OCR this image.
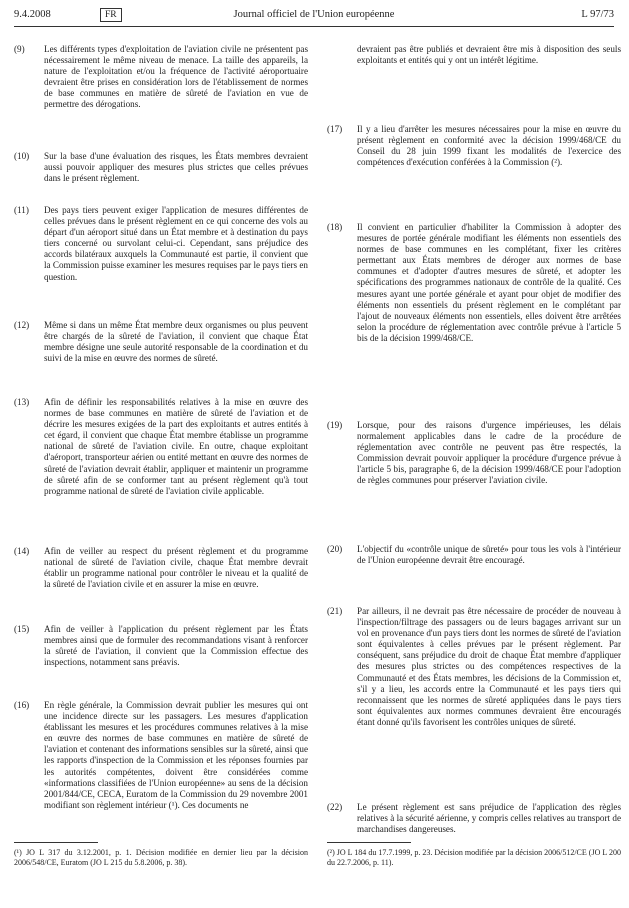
9.4.2008	FR	Journal officiel de l'Union européenne	L 97/73
(9)	Les différents types d'exploitation de l'aviation civile ne présentent pas nécessairement le même niveau de menace. La taille des appareils, la nature de l'exploitation et/ou la fréquence de l'activité aéroportuaire devraient être prises en considération lors de l'établissement de normes de base communes en matière de sûreté de l'aviation en vue de permettre des dérogations.
(10)	Sur la base d'une évaluation des risques, les États membres devraient aussi pouvoir appliquer des mesures plus strictes que celles prévues dans le présent règlement.
(11)	Des pays tiers peuvent exiger l'application de mesures différentes de celles prévues dans le présent règlement en ce qui concerne des vols au départ d'un aéroport situé dans un État membre et à destination du pays tiers concerné ou survolant celui-ci. Cependant, sans préjudice des accords bilatéraux auxquels la Communauté est partie, il convient que la Commission puisse examiner les mesures requises par le pays tiers en question.
(12)	Même si dans un même État membre deux organismes ou plus peuvent être chargés de la sûreté de l'aviation, il convient que chaque État membre désigne une seule autorité responsable de la coordination et du suivi de la mise en œuvre des normes de sûreté.
(13)	Afin de définir les responsabilités relatives à la mise en œuvre des normes de base communes en matière de sûreté de l'aviation et de décrire les mesures exigées de la part des exploitants et autres entités à cet égard, il convient que chaque État membre établisse un programme national de sûreté de l'aviation civile. En outre, chaque exploitant d'aéroport, transporteur aérien ou entité mettant en œuvre des normes de sûreté de l'aviation devrait établir, appliquer et maintenir un programme de sûreté afin de se conformer tant au présent règlement qu'à tout programme national de sûreté de l'aviation civile applicable.
(14)	Afin de veiller au respect du présent règlement et du programme national de sûreté de l'aviation civile, chaque État membre devrait établir un programme national pour contrôler le niveau et la qualité de la sûreté de l'aviation civile et en assurer la mise en œuvre.
(15)	Afin de veiller à l'application du présent règlement par les États membres ainsi que de formuler des recommandations visant à renforcer la sûreté de l'aviation, il convient que la Commission effectue des inspections, notamment sans préavis.
(16)	En règle générale, la Commission devrait publier les mesures qui ont une incidence directe sur les passagers. Les mesures d'application établissant les mesures et les procédures communes relatives à la mise en œuvre des normes de base communes en matière de sûreté de l'aviation et contenant des informations sensibles sur la sûreté, ainsi que les rapports d'inspection de la Commission et les réponses fournies par les autorités compétentes, doivent être considérées comme «informations classifiées de l'Union européenne» au sens de la décision 2001/844/CE, CECA, Euratom de la Commission du 29 novembre 2001 modifiant son règlement intérieur (¹). Ces documents ne
devraient pas être publiés et devraient être mis à disposition des seuls exploitants et entités qui y ont un intérêt légitime.
(17)	Il y a lieu d'arrêter les mesures nécessaires pour la mise en œuvre du présent règlement en conformité avec la décision 1999/468/CE du Conseil du 28 juin 1999 fixant les modalités de l'exercice des compétences d'exécution conférées à la Commission (²).
(18)	Il convient en particulier d'habiliter la Commission à adopter des mesures de portée générale modifiant les éléments non essentiels des normes de base communes en les complétant, fixer les critères permettant aux États membres de déroger aux normes de base communes et d'adopter d'autres mesures de sûreté, et adopter les spécifications des programmes nationaux de contrôle de la qualité. Ces mesures ayant une portée générale et ayant pour objet de modifier des éléments non essentiels du présent règlement en le complétant par l'ajout de nouveaux éléments non essentiels, elles doivent être arrêtées selon la procédure de réglementation avec contrôle prévue à l'article 5 bis de la décision 1999/468/CE.
(19)	Lorsque, pour des raisons d'urgence impérieuses, les délais normalement applicables dans le cadre de la procédure de réglementation avec contrôle ne peuvent pas être respectés, la Commission devrait pouvoir appliquer la procédure d'urgence prévue à l'article 5 bis, paragraphe 6, de la décision 1999/468/CE pour l'adoption de règles communes pour préserver l'aviation civile.
(20)	L'objectif du «contrôle unique de sûreté» pour tous les vols à l'intérieur de l'Union européenne devrait être encouragé.
(21)	Par ailleurs, il ne devrait pas être nécessaire de procéder de nouveau à l'inspection/filtrage des passagers ou de leurs bagages arrivant sur un vol en provenance d'un pays tiers dont les normes de sûreté de l'aviation sont équivalentes à celles prévues par le présent règlement. Par conséquent, sans préjudice du droit de chaque État membre d'appliquer des mesures plus strictes ou des compétences respectives de la Communauté et des États membres, les décisions de la Commission et, s'il y a lieu, les accords entre la Communauté et les pays tiers qui reconnaissent que les normes de sûreté appliquées dans le pays tiers sont équivalentes aux normes communes devraient être encouragés étant donné qu'ils favorisent les contrôles uniques de sûreté.
(22)	Le présent règlement est sans préjudice de l'application des règles relatives à la sécurité aérienne, y compris celles relatives au transport de marchandises dangereuses.
(¹) JO L 317 du 3.12.2001, p. 1. Décision modifiée en dernier lieu par la décision 2006/548/CE, Euratom (JO L 215 du 5.8.2006, p. 38).
(²) JO L 184 du 17.7.1999, p. 23. Décision modifiée par la décision 2006/512/CE (JO L 200 du 22.7.2006, p. 11).
